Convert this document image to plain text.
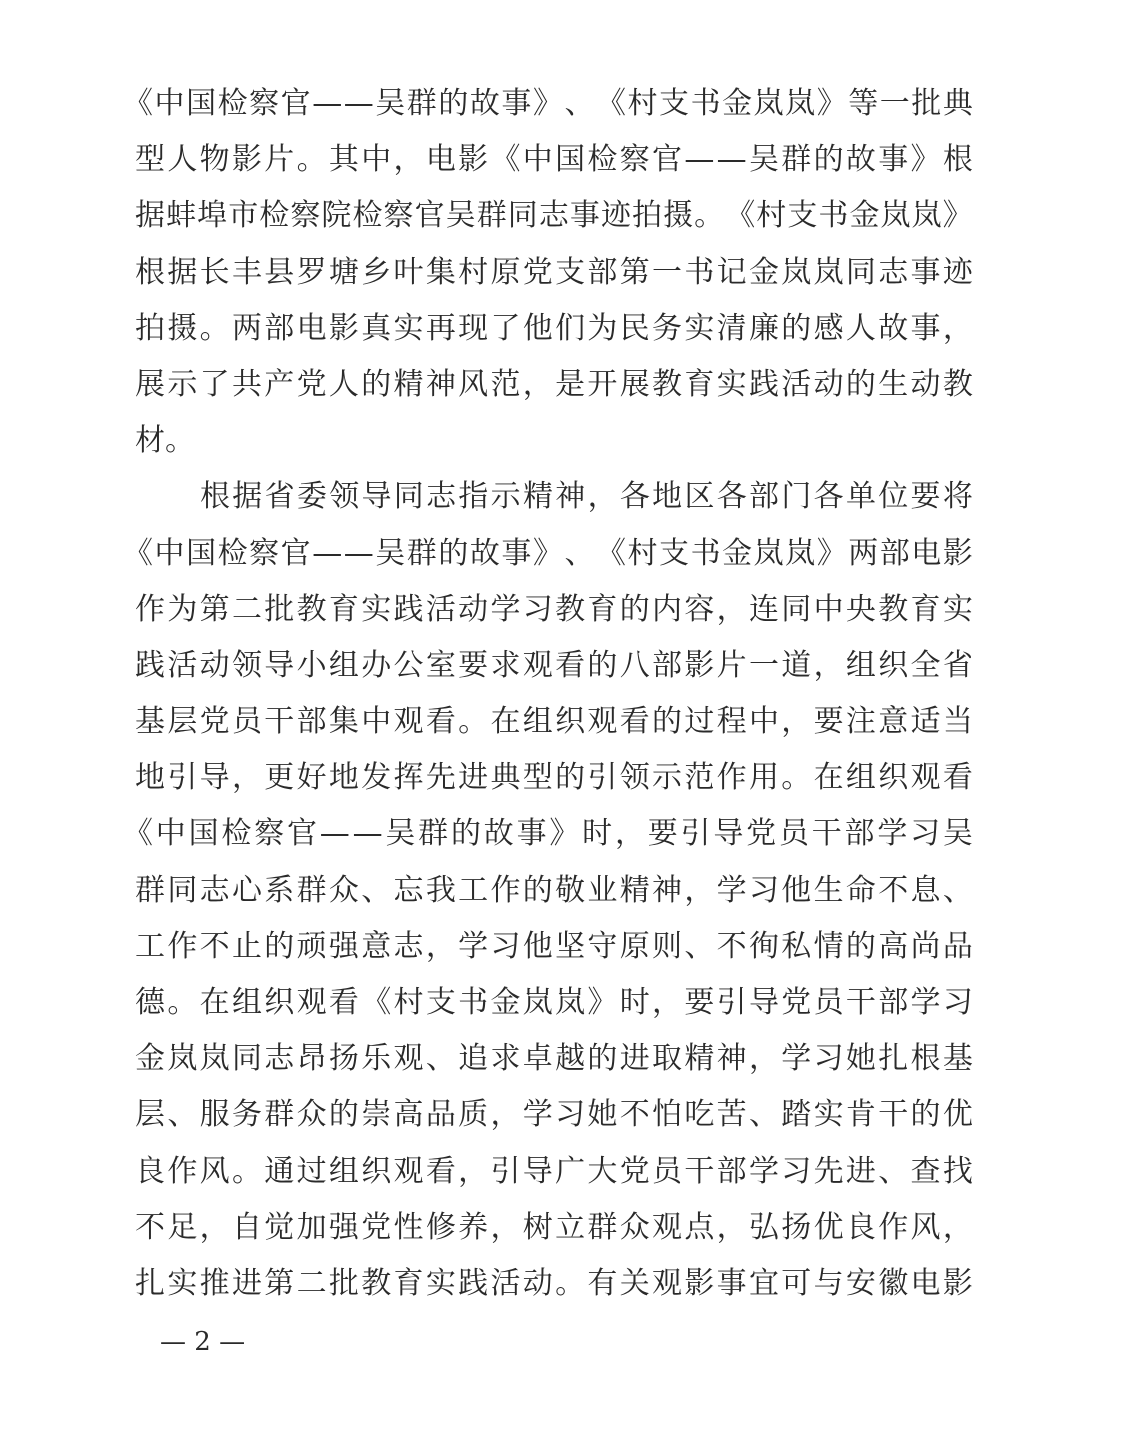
《 中 国 检 察 官 — — 吴 群 的 故 事 》 、 《 村 支 书 金 岚 岚 》 等 一 批 典
型 人 物 影 片 。 其 中 ， 电 影 《 中 国 检 察 官 — — 吴 群 的 故 事 》 根
据 蚌 埠 市 检 察 院 检 察 官 吴 群 同 志 事 迹 拍 摄 。 《 村 支 书 金 岚 岚 》
根 据 长 丰 县 罗 塘 乡 叶 集 村 原 党 支 部 第 一 书 记 金 岚 岚 同 志 事 迹
拍 摄 。 两 部 电 影 真 实 再 现 了 他 们 为 民 务 实 清 廉 的 感 人 故 事 ，
展 示 了 共 产 党 人 的 精 神 风 范 ， 是 开 展 教 育 实 践 活 动 的 生 动 教
材。
根 据 省 委 领 导 同 志 指 示 精 神 ， 各 地 区 各 部 门 各 单 位 要 将
《 中 国 检 察 官 — — 吴 群 的 故 事 》 、 《 村 支 书 金 岚 岚 》 两 部 电 影
作 为 第 二 批 教 育 实 践 活 动 学 习 教 育 的 内 容 ， 连 同 中 央 教 育 实
践 活 动 领 导 小 组 办 公 室 要 求 观 看 的 八 部 影 片 一 道 ， 组 织 全 省
基 层 党 员 干 部 集 中 观 看 。 在 组 织 观 看 的 过 程 中 ， 要 注 意 适 当
地 引 导 ， 更 好 地 发 挥 先 进 典 型 的 引 领 示 范 作 用 。 在 组 织 观 看
《 中 国 检 察 官 — — 吴 群 的 故 事 》 时 ， 要 引 导 党 员 干 部 学 习 吴
群 同 志 心 系 群 众 、 忘 我 工 作 的 敬 业 精 神 ， 学 习 他 生 命 不 息 、
工 作 不 止 的 顽 强 意 志 ， 学 习 他 坚 守 原 则 、 不 徇 私 情 的 高 尚 品
德 。 在 组 织 观 看 《 村 支 书 金 岚 岚 》 时 ， 要 引 导 党 员 干 部 学 习
金 岚 岚 同 志 昂 扬 乐 观 、 追 求 卓 越 的 进 取 精 神 ， 学 习 她 扎 根 基
层 、 服 务 群 众 的 崇 高 品 质 ， 学 习 她 不 怕 吃 苦 、 踏 实 肯 干 的 优
良 作 风 。 通 过 组 织 观 看 ， 引 导 广 大 党 员 干 部 学 习 先 进 、 查 找
不 足 ， 自 觉 加 强 党 性 修 养 ， 树 立 群 众 观 点 ， 弘 扬 优 良 作 风 ，
扎 实 推 进 第 二 批 教 育 实 践 活 动 。 有 关 观 影 事 宜 可 与 安 徽 电 影
— 2 —
